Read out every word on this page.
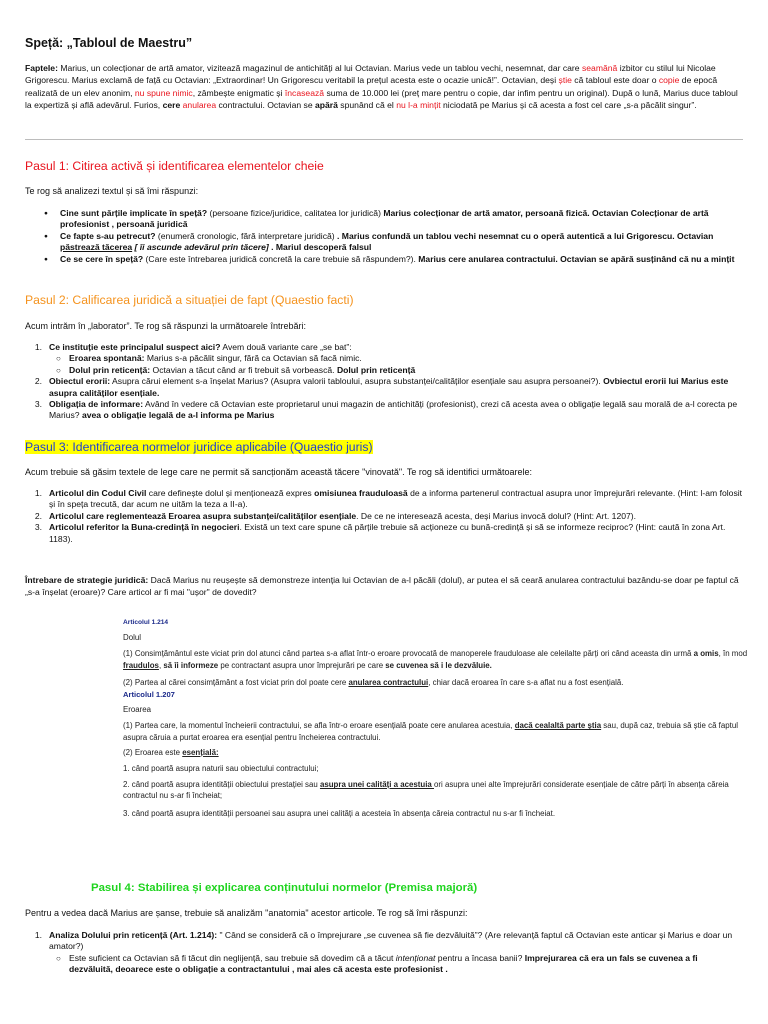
Speță: „Tabloul de Maestru”

Faptele: Marius, un colecționar de artă amator, vizitează magazinul de antichități al lui Octavian. Marius vede un tablou vechi, nesemnat, dar care seamănă izbitor cu stilul lui Nicolae Grigorescu. Marius exclamă de față cu Octavian: „Extraordinar! Un Grigorescu veritabil la prețul acesta este o ocazie unică!”. Octavian, deși știe că tabloul este doar o copie de epocă realizată de un elev anonim, nu spune nimic, zâmbește enigmatic și încasează suma de 10.000 lei (preț mare pentru o copie, dar infim pentru un original). După o lună, Marius duce tabloul la expertiză și află adevărul. Furios, cere anularea contractului. Octavian se apără spunând că el nu l-a mințit niciodată pe Marius și că acesta a fost cel care „s-a păcălit singur”.

Pasul 1: Citirea activă și identificarea elementelor cheie

Te rog să analizezi textul și să îmi răspunzi:

● Cine sunt părțile implicate în speță? (persoane fizice/juridice, calitatea lor juridică) Marius colecționar de artă amator, persoană fizică. Octavian Colecționar de artă profesionist , persoană juridică
● Ce fapte s-au petrecut? (enumeră cronologic, fără interpretare juridică) . Marius confundă un tablou vechi nesemnat cu o operă autentică a lui Grigorescu. Octavian păstrează tăcerea [ îi ascunde adevărul prin tăcere] . Mariul descoperă falsul
● Ce se cere în speță? (Care este întrebarea juridică concretă la care trebuie să răspundem?). Marius cere anularea contractului. Octavian se apără susținând că nu a mințit

Pasul 2: Calificarea juridică a situației de fapt (Quaestio facti)

Acum intrăm în „laborator”. Te rog să răspunzi la următoarele întrebări:

1. Ce instituție este principalul suspect aici? Avem două variante care „se bat”:
○ Eroarea spontană: Marius s-a păcălit singur, fără ca Octavian să facă nimic.
○ Dolul prin reticență: Octavian a tăcut când ar fi trebuit să vorbească. Dolul prin reticență
2. Obiectul erorii: Asupra cărui element s-a înșelat Marius? (Asupra valorii tabloului, asupra substanței/calităților esențiale sau asupra persoanei?). Ovbiectul erorii lui Marius este asupra calităților esențiale.
3. Obligația de informare: Având în vedere că Octavian este proprietarul unui magazin de antichități (profesionist), crezi că acesta avea o obligație legală sau morală de a-l corecta pe Marius? avea o obligație legală de a-l informa pe Marius

Pasul 3: Identificarea normelor juridice aplicabile (Quaestio juris)

Acum trebuie să găsim textele de lege care ne permit să sancționăm această tăcere "vinovată". Te rog să identifici următoarele:

1. Articolul din Codul Civil care definește dolul și menționează expres omisiunea frauduloasă de a informa partenerul contractual asupra unor împrejurări relevante. (Hint: l-am folosit și în speța trecută, dar acum ne uităm la teza a II-a).
2. Articolul care reglementează Eroarea asupra substanței/calităților esențiale. De ce ne interesează acesta, deși Marius invocă dolul? (Hint: Art. 1207).
3. Articolul referitor la Buna-credință în negocieri. Există un text care spune că părțile trebuie să acționeze cu bună-credință și să se informeze reciproc? (Hint: caută în zona Art. 1183).

Întrebare de strategie juridică: Dacă Marius nu reușește să demonstreze intenția lui Octavian de a-l păcăli (dolul), ar putea el să ceară anularea contractului bazându-se doar pe faptul că „s-a înșelat (eroare)? Care articol ar fi mai "ușor" de dovedit?

Articolul 1.214

Dolul

(1) Consimțământul este viciat prin dol atunci când partea s-a aflat într-o eroare provocată de manoperele frauduloase ale celeilalte părți ori când aceasta din urmă a omis, în mod fraudulos, să îi informeze pe contractant asupra unor împrejurări pe care se cuvenea să i le dezvăluie.

(2) Partea al cărei consimțământ a fost viciat prin dol poate cere anularea contractului, chiar dacă eroarea în care s-a aflat nu a fost esențială.

Articolul 1.207

Eroarea

(1) Partea care, la momentul încheierii contractului, se afla într-o eroare esențială poate cere anularea acestuia, dacă cealaltă parte știa sau, după caz, trebuia să știe că faptul asupra căruia a purtat eroarea era esențial pentru încheierea contractului.

(2) Eroarea este esențială:

1. când poartă asupra naturii sau obiectului contractului;

2. când poartă asupra identității obiectului prestației sau asupra unei calități a acestuia ori asupra unei alte împrejurări considerate esențiale de către părți în absența căreia contractul nu s-ar fi încheiat;

3. când poartă asupra identității persoanei sau asupra unei calități a acesteia în absența căreia contractul nu s-ar fi încheiat.

Pasul 4: Stabilirea și explicarea conținutului normelor (Premisa majoră)

Pentru a vedea dacă Marius are șanse, trebuie să analizăm "anatomia" acestor articole. Te rog să îmi răspunzi:

1. Analiza Dolului prin reticență (Art. 1.214): " Când se consideră că o împrejurare „se cuvenea să fie dezvăluită”? (Are relevanță faptul că Octavian este anticar și Marius e doar un amator?)
○ Este suficient ca Octavian să fi tăcut din neglijență, sau trebuie să dovedim că a tăcut intenționat pentru a încasa banii? Imprejurarea că era un fals se cuvenea a fi dezvăluită, deoarece este o obligație a contractantului , mai ales că acesta este profesionist .
